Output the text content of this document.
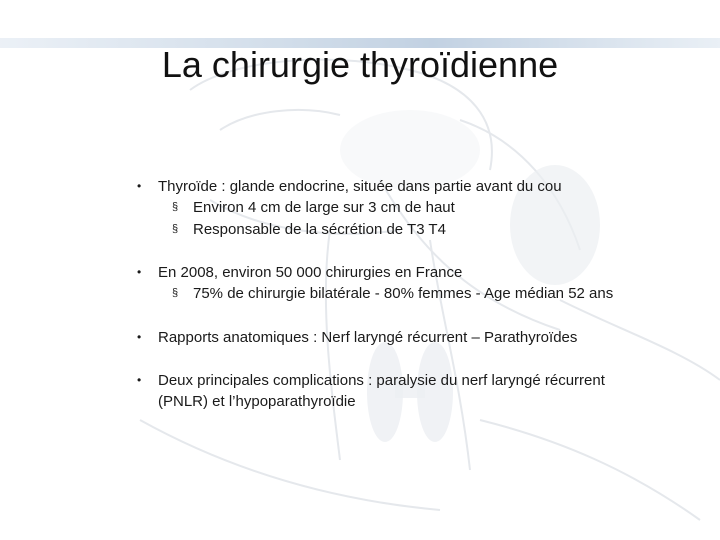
La chirurgie thyroïdienne
•	Thyroïde : glande endocrine, située dans partie avant du cou
§ Environ 4 cm de large sur 3 cm de haut
§ Responsable de la sécrétion de T3 T4
•	En 2008, environ 50 000 chirurgies en France
§ 75% de chirurgie bilatérale - 80% femmes - Age médian 52 ans
•	Rapports anatomiques : Nerf laryngé récurrent – Parathyroïdes
•	Deux principales complications : paralysie du nerf laryngé récurrent (PNLR) et l’hypoparathyroïdie
